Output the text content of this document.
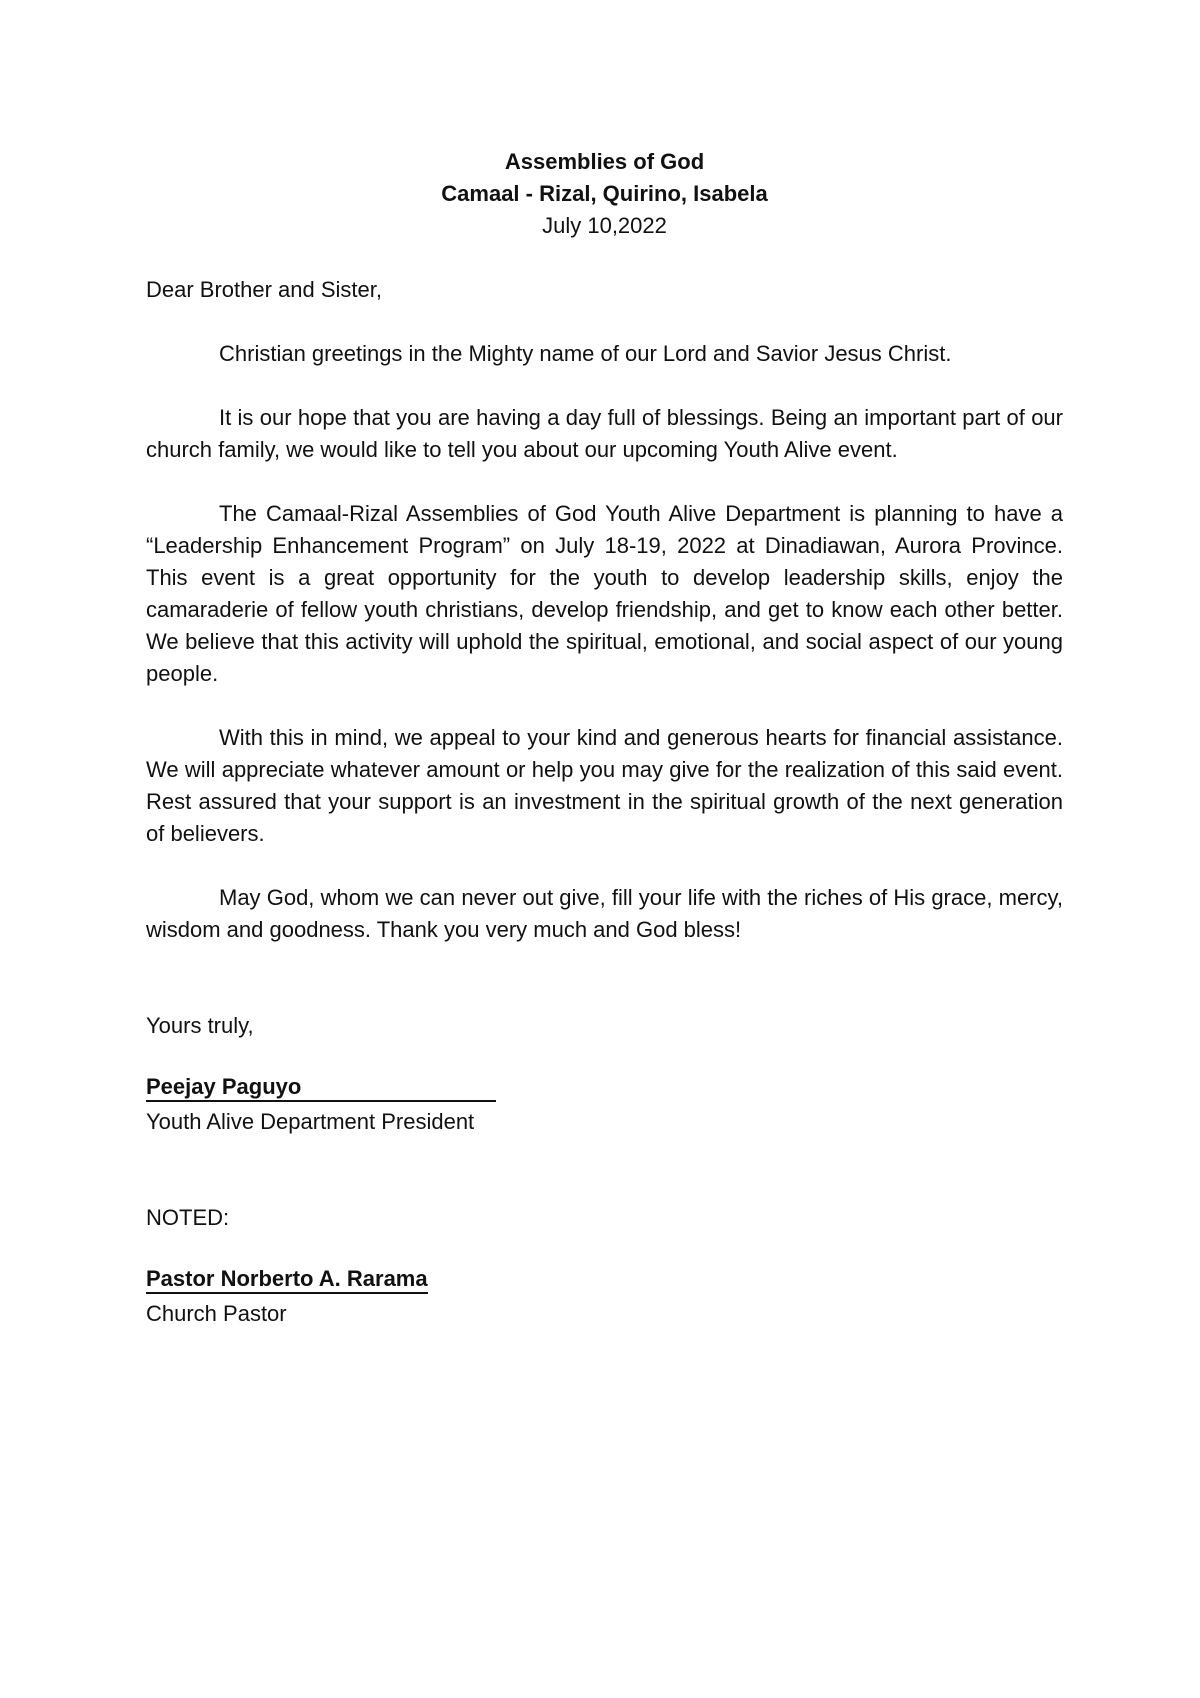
Assemblies of God
Camaal - Rizal, Quirino, Isabela
July 10,2022
Dear Brother and Sister,
Christian greetings in the Mighty name of our Lord and Savior Jesus Christ.
It is our hope that you are having a day full of blessings. Being an important part of our church family, we would like to tell you about our upcoming Youth Alive event.
The Camaal-Rizal Assemblies of God Youth Alive Department is planning to have a “Leadership Enhancement Program” on July 18-19, 2022 at Dinadiawan, Aurora Province. This event is a great opportunity for the youth to develop leadership skills, enjoy the camaraderie of fellow youth christians, develop friendship, and get to know each other better. We believe that this activity will uphold the spiritual, emotional, and social aspect of our young people.
With this in mind, we appeal to your kind and generous hearts for financial assistance. We will appreciate whatever amount or help you may give for the realization of this said event. Rest assured that your support is an investment in the spiritual growth of the next generation of believers.
May God, whom we can never out give, fill your life with the riches of His grace, mercy, wisdom and goodness. Thank you very much and God bless!
Yours truly,
Peejay Paguyo
Youth Alive Department President
NOTED:
Pastor Norberto A. Rarama
Church Pastor
